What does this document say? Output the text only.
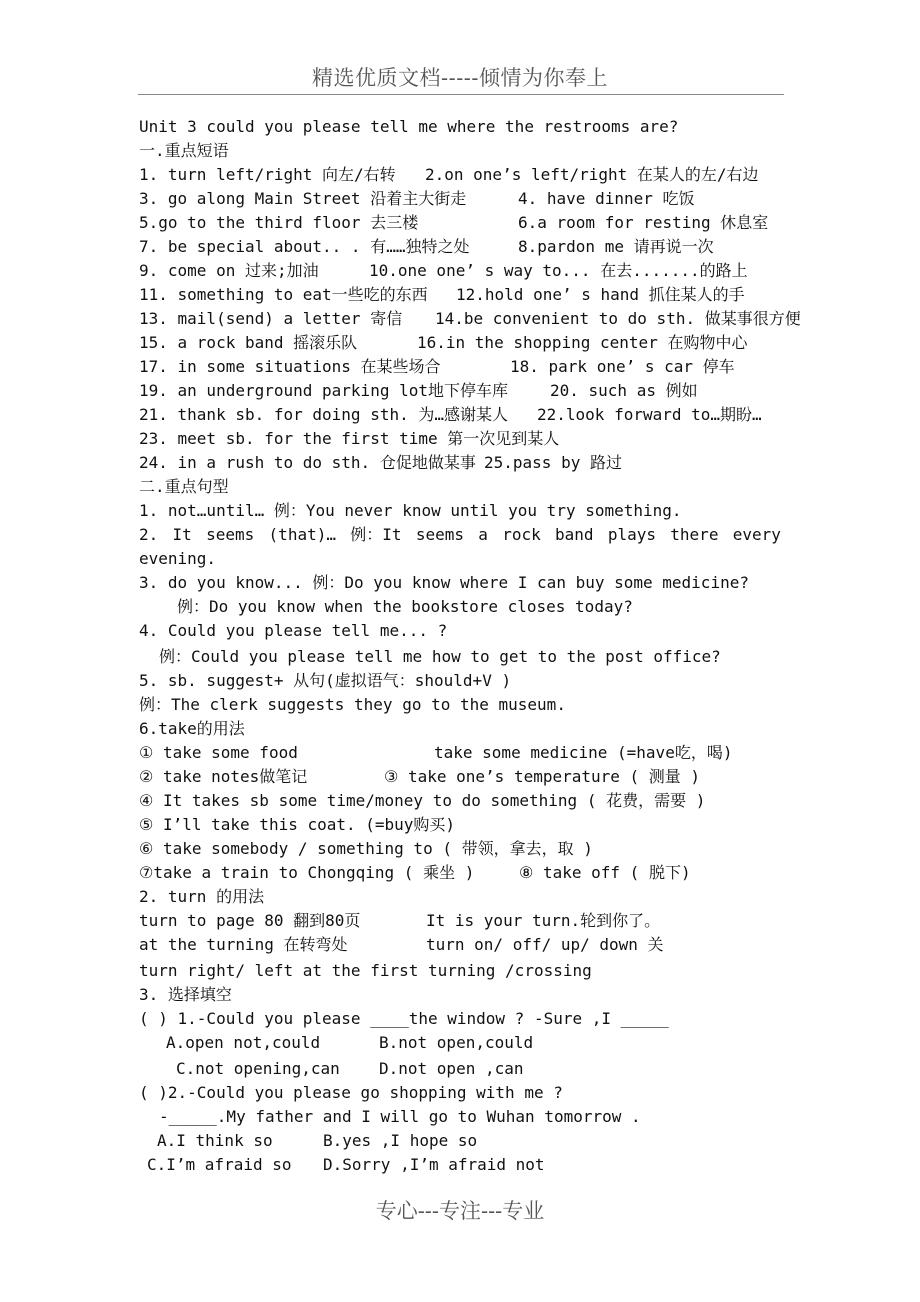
精选优质文档-----倾情为你奉上
Unit 3 could you please tell me where the restrooms are?
一.重点短语
1. turn left/right 向左/右转 2.on one’s left/right 在某人的左/右边
3. go along Main Street 沿着主大街走	4. have dinner 吃饭
5.go to the third floor 去三楼	6.a room for resting 休息室
7. be special about.. . 有……独特之处	8.pardon me 请再说一次
9. come on 过来;加油	10.one one’ s way to... 在去.......的路上
11. something to eat一些吃的东西 12.hold one’ s hand 抓住某人的手
13. mail(send) a letter 寄信 14.be convenient to do sth. 做某事很方便
15. a rock band 摇滚乐队	16.in the shopping center 在购物中心
17. in some situations 在某些场合	18. park one’ s car 停车
19. an underground parking lot地下停车库	20. such as 例如
21. thank sb. for doing sth. 为…感谢某人 22.look forward to…期盼…
23. meet sb. for the first time 第一次见到某人
24. in a rush to do sth. 仓促地做某事 25.pass by 路过
二.重点句型
1. not…until… 例：You never know until you try something.
2. It seems (that)… 例：It seems a rock band plays there every
evening.
3. do you know... 例：Do you know where I can buy some medicine?
例：Do you know when the bookstore closes today?
4. Could you please tell me... ?
例：Could you please tell me how to get to the post office?
5. sb. suggest+ 从句(虚拟语气：should+V )
例：The clerk suggests they go to the museum.
6.take的用法
① take some food	take some medicine (=have吃，喝)
② take notes做笔记	③ take one’s temperature ( 测量 )
④ It takes sb some time/money to do something ( 花费，需要 )
⑤ I’ll take this coat. (=buy购买)
⑥ take somebody / something to ( 带领，拿去，取 )
⑦take a train to Chongqing ( 乘坐 )	⑧ take off ( 脱下)
2. turn 的用法
turn to page 80 翻到80页	It is your turn.轮到你了。
at the turning 在转弯处	turn on/ off/ up/ down 关
turn right/ left at the first turning /crossing
3. 选择填空
( ) 1.-Could you please ____the window ? -Sure ,I _____
A.open not,could	B.not open,could
C.not opening,can D.not open ,can
( )2.-Could you please go shopping with me ?
-_____.My father and I will go to Wuhan tomorrow .
A.I think so	B.yes ,I hope so
C.I’m afraid so D.Sorry ,I’m afraid not
专心---专注---专业
